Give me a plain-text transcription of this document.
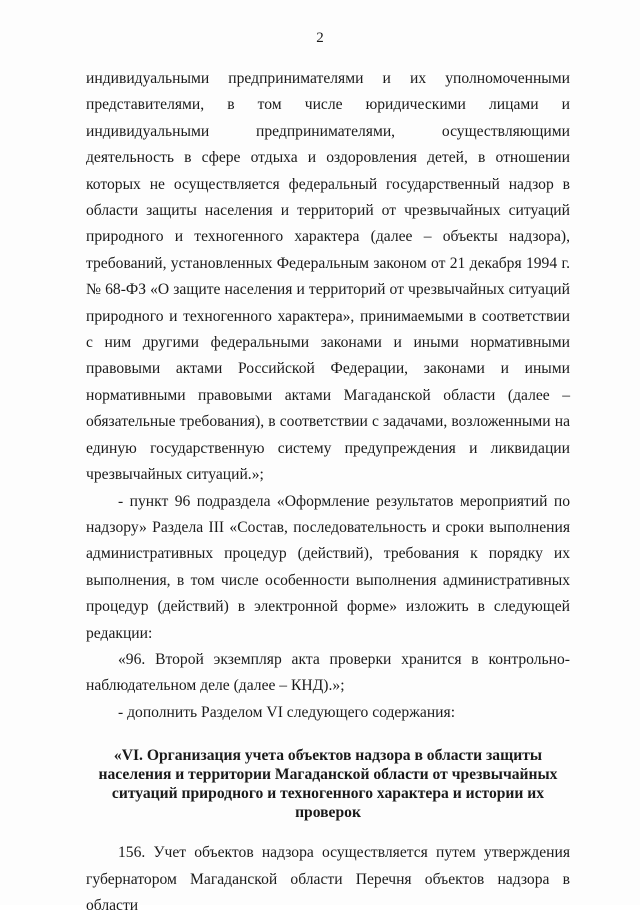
2

индивидуальными предпринимателями и их уполномоченными представителями, в том числе юридическими лицами и индивидуальными предпринимателями, осуществляющими деятельность в сфере отдыха и оздоровления детей, в отношении которых не осуществляется федеральный государственный надзор в области защиты населения и территорий от чрезвычайных ситуаций природного и техногенного характера (далее – объекты надзора), требований, установленных Федеральным законом от 21 декабря 1994 г. № 68-ФЗ «О защите населения и территорий от чрезвычайных ситуаций природного и техногенного характера», принимаемыми в соответствии с ним другими федеральными законами и иными нормативными правовыми актами Российской Федерации, законами и иными нормативными правовыми актами Магаданской области (далее – обязательные требования), в соответствии с задачами, возложенными на единую государственную систему предупреждения и ликвидации чрезвычайных ситуаций.»;

- пункт 96 подраздела «Оформление результатов мероприятий по надзору» Раздела III «Состав, последовательность и сроки выполнения административных процедур (действий), требования к порядку их выполнения, в том числе особенности выполнения административных процедур (действий) в электронной форме» изложить в следующей редакции:

«96. Второй экземпляр акта проверки хранится в контрольно-наблюдательном деле (далее – КНД).»;

- дополнить Разделом VI следующего содержания:

«VI. Организация учета объектов надзора в области защиты
населения и территории Магаданской области от чрезвычайных
ситуаций природного и техногенного характера и истории их проверок

156. Учет объектов надзора осуществляется путем утверждения губернатором Магаданской области Перечня объектов надзора в области
